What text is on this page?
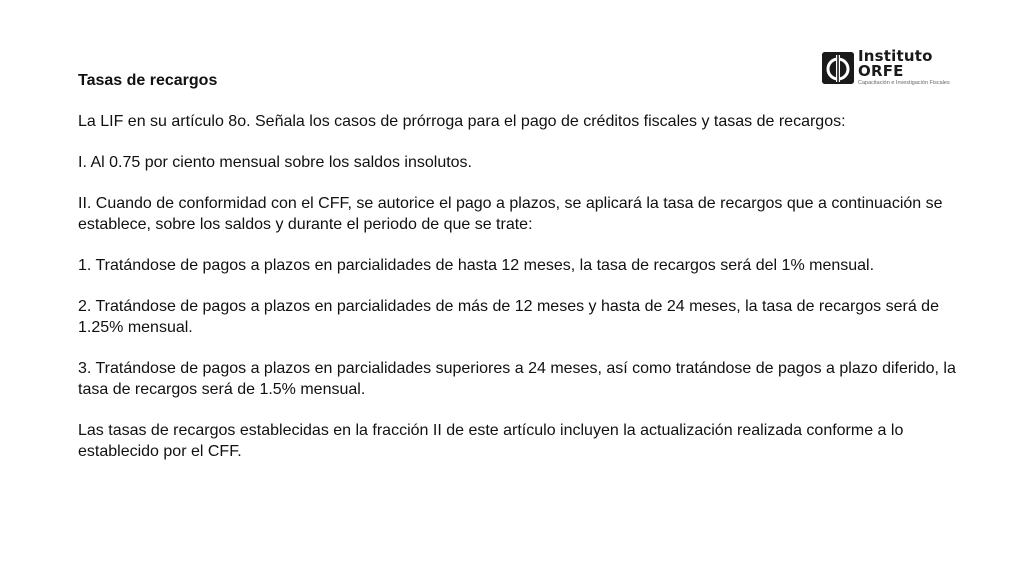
Instituto ORFE
Capacitación e Investigación Fiscales

Tasas de recargos

La LIF en su artículo 8o. Señala los casos de prórroga para el pago de créditos fiscales y tasas de recargos:

I. Al 0.75 por ciento mensual sobre los saldos insolutos.

II. Cuando de conformidad con el CFF, se autorice el pago a plazos, se aplicará la tasa de recargos que a continuación se establece, sobre los saldos y durante el periodo de que se trate:

1. Tratándose de pagos a plazos en parcialidades de hasta 12 meses, la tasa de recargos será del 1% mensual.

2. Tratándose de pagos a plazos en parcialidades de más de 12 meses y hasta de 24 meses, la tasa de recargos será de 1.25% mensual.

3. Tratándose de pagos a plazos en parcialidades superiores a 24 meses, así como tratándose de pagos a plazo diferido, la tasa de recargos será de 1.5% mensual.

Las tasas de recargos establecidas en la fracción II de este artículo incluyen la actualización realizada conforme a lo establecido por el CFF.
